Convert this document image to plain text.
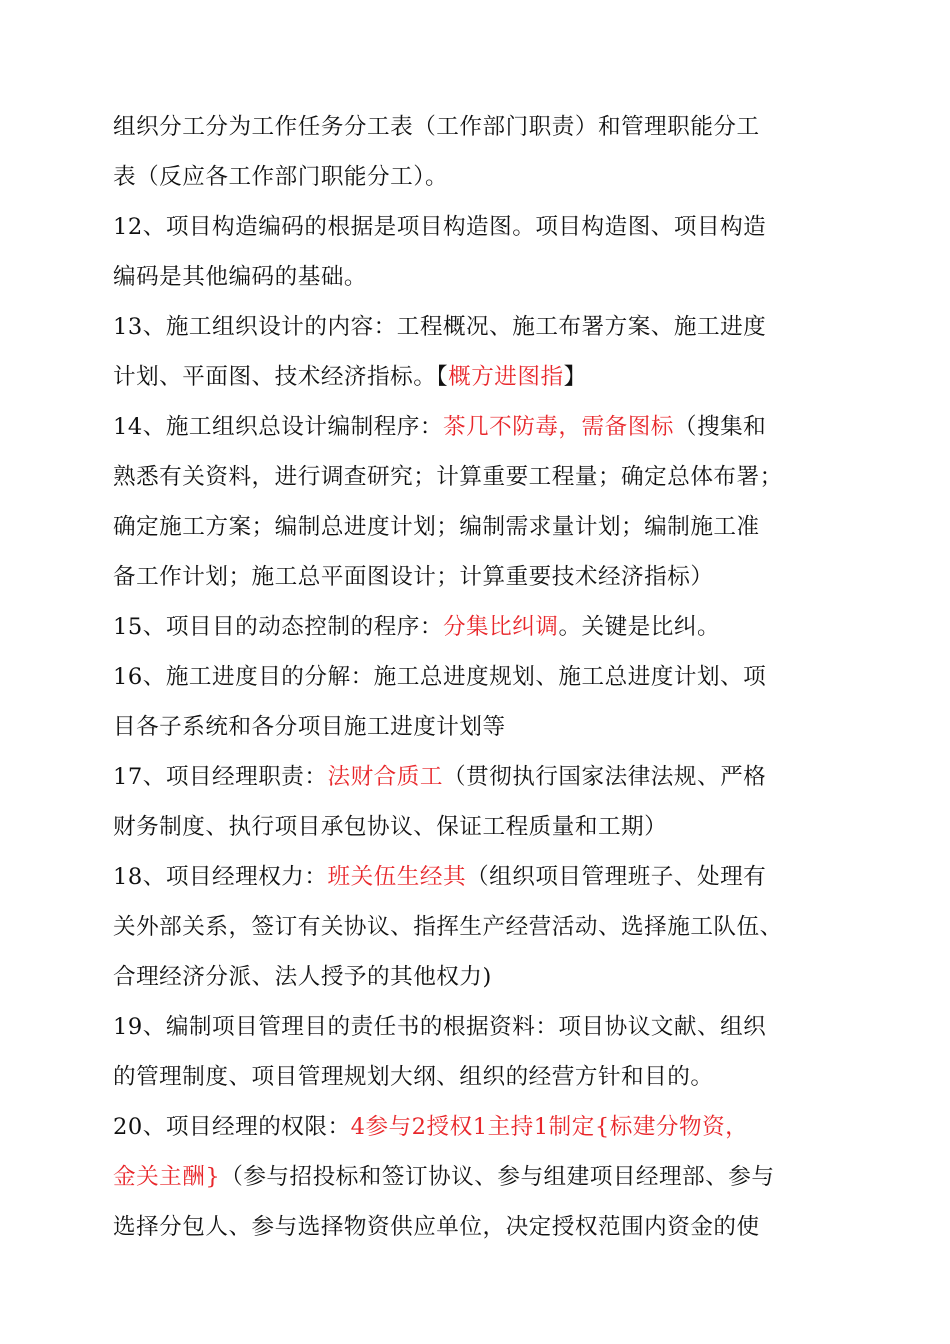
组织分工分为工作任务分工表（工作部门职责）和管理职能分工
表（反应各工作部门职能分工）。
12、项目构造编码的根据是项目构造图。项目构造图、项目构造
编码是其他编码的基础。
13、施工组织设计的内容：工程概况、施工布署方案、施工进度
计划、平面图、技术经济指标。【概方进图指】
14、施工组织总设计编制程序：茶几不防毒，需备图标（搜集和
熟悉有关资料，进行调查研究；计算重要工程量；确定总体布署；
确定施工方案；编制总进度计划；编制需求量计划；编制施工准
备工作计划；施工总平面图设计；计算重要技术经济指标）
15、项目目的动态控制的程序：分集比纠调。关键是比纠。
16、施工进度目的分解：施工总进度规划、施工总进度计划、项
目各子系统和各分项目施工进度计划等
17、项目经理职责：法财合质工（贯彻执行国家法律法规、严格
财务制度、执行项目承包协议、保证工程质量和工期）
18、项目经理权力：班关伍生经其（组织项目管理班子、处理有
关外部关系，签订有关协议、指挥生产经营活动、选择施工队伍、
合理经济分派、法人授予的其他权力)
19、编制项目管理目的责任书的根据资料：项目协议文献、组织
的管理制度、项目管理规划大纲、组织的经营方针和目的。
20、项目经理的权限：4参与2授权1主持1制定{标建分物资，
金关主酬}（参与招投标和签订协议、参与组建项目经理部、参与
选择分包人、参与选择物资供应单位，决定授权范围内资金的使
